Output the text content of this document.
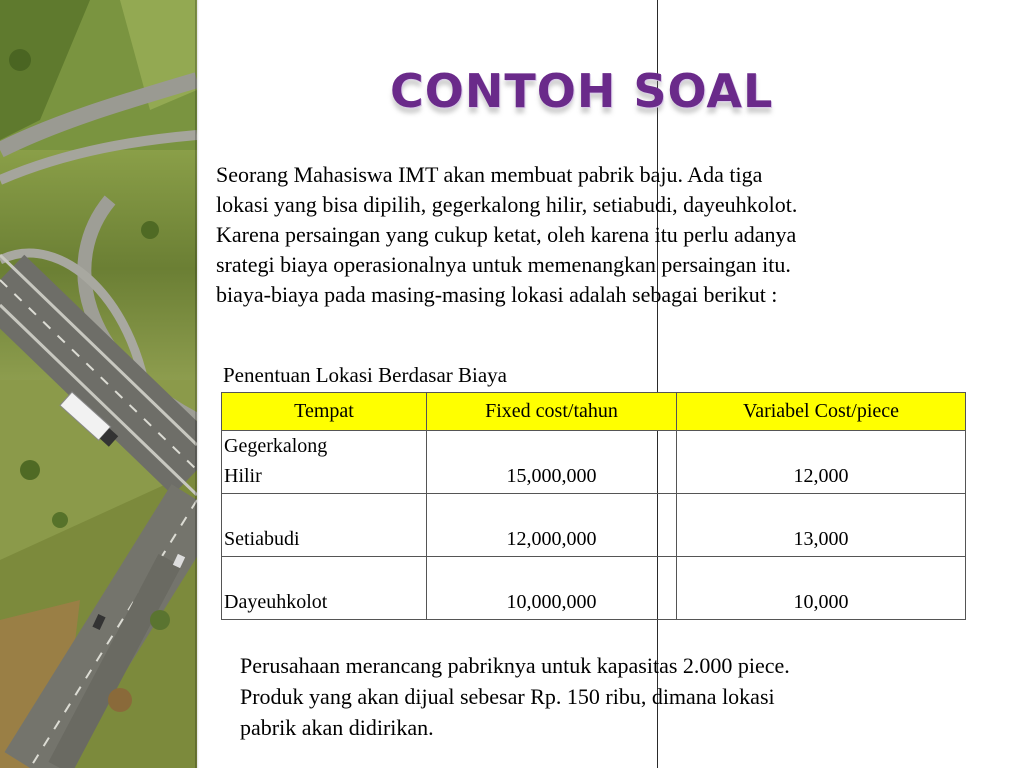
CONTOH SOAL

Seorang Mahasiswa IMT akan membuat pabrik baju. Ada tiga
lokasi yang bisa dipilih, gegerkalong hilir, setiabudi, dayeuhkolot.
Karena persaingan yang cukup ketat, oleh karena itu perlu adanya
srategi biaya operasionalnya untuk memenangkan persaingan itu.
biaya-biaya pada masing-masing lokasi adalah sebagai berikut :

Penentuan Lokasi Berdasar Biaya

Tempat	Fixed cost/tahun	Variabel Cost/piece

Gegerkalong
Hilir	15,000,000	12,000

Setiabudi	12,000,000	13,000

Dayeuhkolot	10,000,000	10,000

Perusahaan merancang pabriknya untuk kapasitas 2.000 piece.
Produk yang akan dijual sebesar Rp. 150 ribu, dimana lokasi
pabrik akan didirikan.
